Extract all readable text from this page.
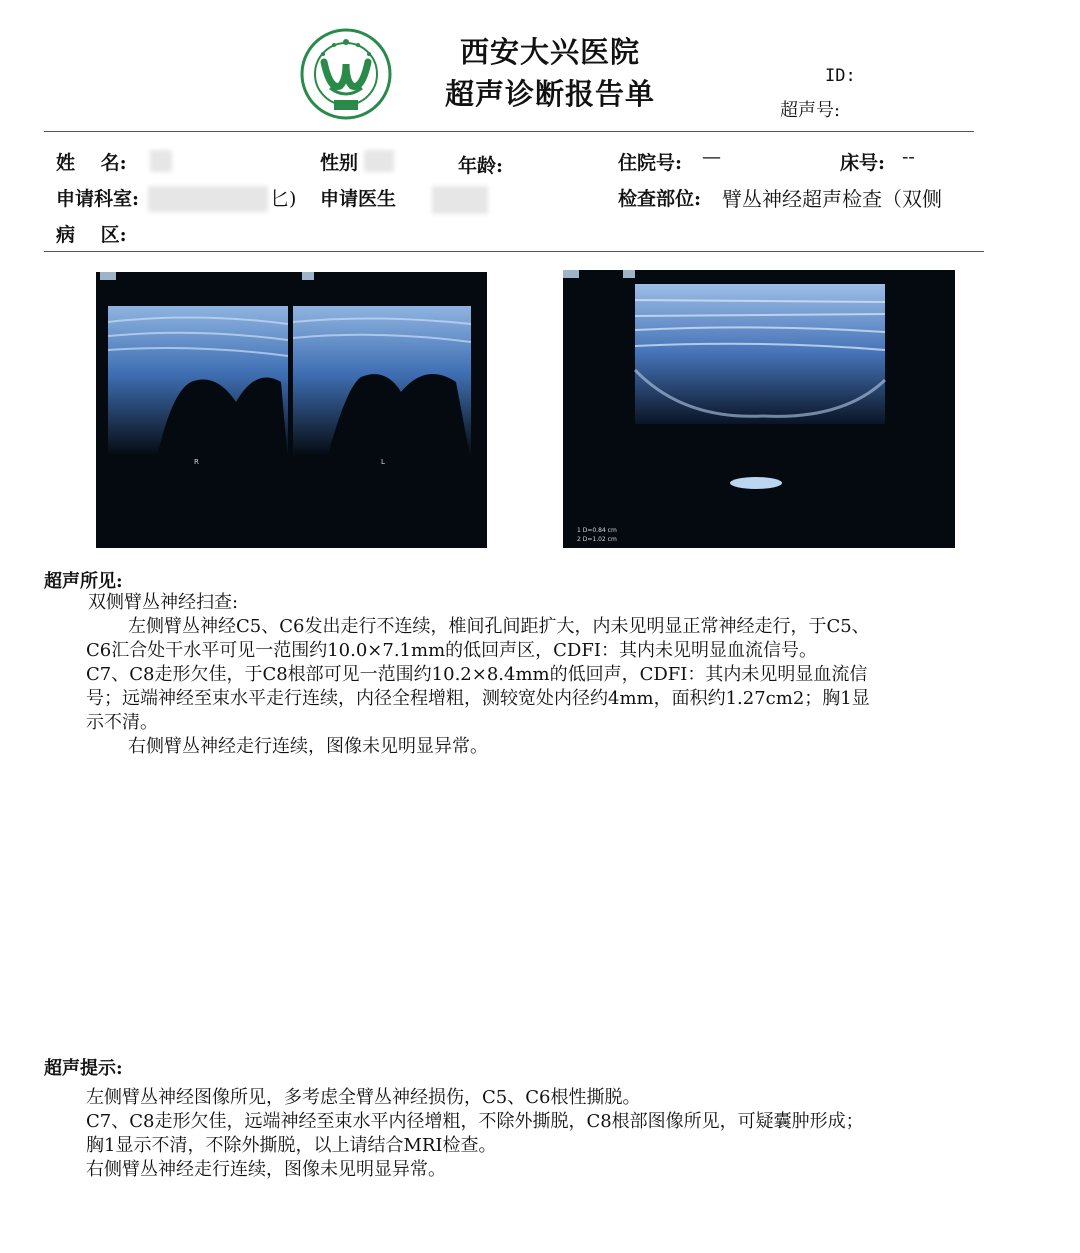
西安大兴医院
超声诊断报告单
ID:
超声号:
姓　 名:	性别	年龄:	住院号: —	床号: --
申请科室:	匕) 申请医生	检查部位: 臂丛神经超声检查（双侧
病　 区:
R	L
1 D=0.84 cm
2 D=1.02 cm
超声所见:
双侧臂丛神经扫查:
左侧臂丛神经C5、C6发出走行不连续，椎间孔间距扩大，内未见明显正常神经走行，于C5、
C6汇合处干水平可见一范围约10.0×7.1mm的低回声区，CDFI：其内未见明显血流信号。
C7、C8走形欠佳，于C8根部可见一范围约10.2×8.4mm的低回声，CDFI：其内未见明显血流信
号；远端神经至束水平走行连续，内径全程增粗，测较宽处内径约4mm，面积约1.27cm2；胸1显
示不清。
右侧臂丛神经走行连续，图像未见明显异常。
超声提示:
左侧臂丛神经图像所见，多考虑全臂丛神经损伤，C5、C6根性撕脱。
C7、C8走形欠佳，远端神经至束水平内径增粗，不除外撕脱，C8根部图像所见，可疑囊肿形成；
胸1显示不清，不除外撕脱，以上请结合MRI检查。
右侧臂丛神经走行连续，图像未见明显异常。
